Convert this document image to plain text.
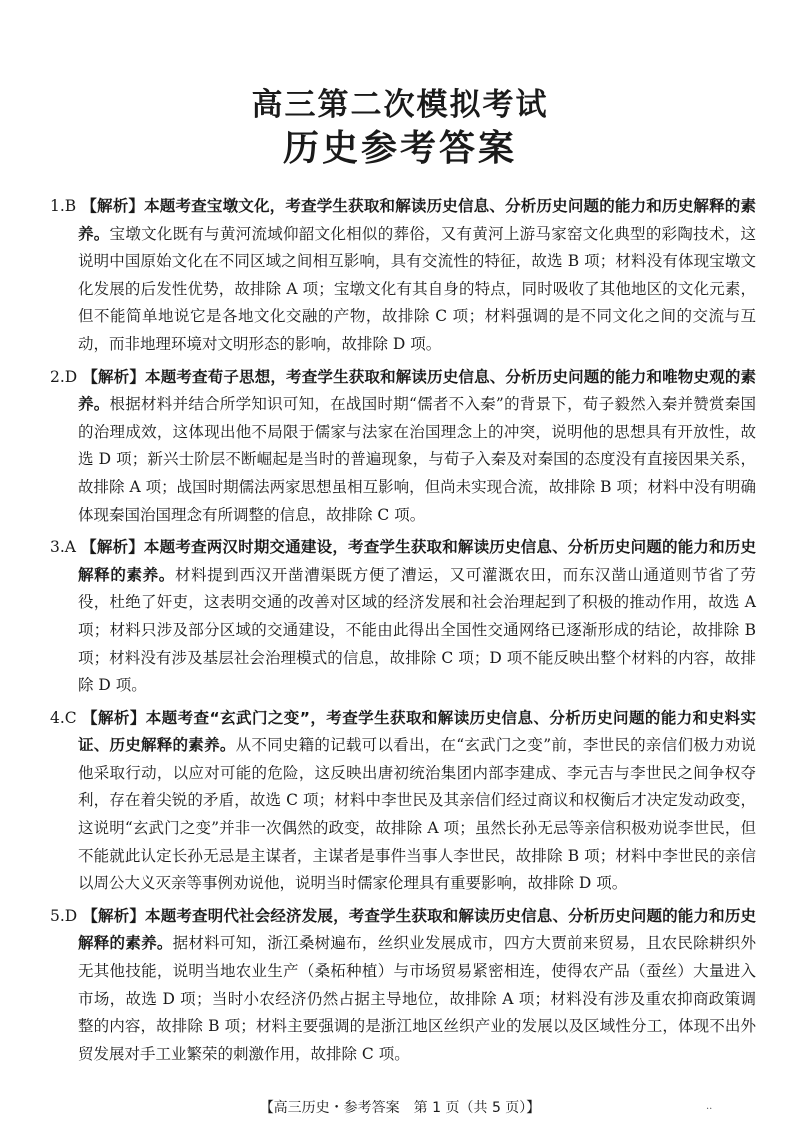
高三第二次模拟考试
历史参考答案

1.B 【解析】本题考查宝墩文化，考查学生获取和解读历史信息、分析历史问题的能力和历史解释的素养。宝墩文化既有与黄河流域仰韶文化相似的葬俗，又有黄河上游马家窑文化典型的彩陶技术，这说明中国原始文化在不同区域之间相互影响，具有交流性的特征，故选 B 项；材料没有体现宝墩文化发展的后发性优势，故排除 A 项；宝墩文化有其自身的特点，同时吸收了其他地区的文化元素，但不能简单地说它是各地文化交融的产物，故排除 C 项；材料强调的是不同文化之间的交流与互动，而非地理环境对文明形态的影响，故排除 D 项。

2.D 【解析】本题考查荀子思想，考查学生获取和解读历史信息、分析历史问题的能力和唯物史观的素养。根据材料并结合所学知识可知，在战国时期“儒者不入秦”的背景下，荀子毅然入秦并赞赏秦国的治理成效，这体现出他不局限于儒家与法家在治国理念上的冲突，说明他的思想具有开放性，故选 D 项；新兴士阶层不断崛起是当时的普遍现象，与荀子入秦及对秦国的态度没有直接因果关系，故排除 A 项；战国时期儒法两家思想虽相互影响，但尚未实现合流，故排除 B 项；材料中没有明确体现秦国治国理念有所调整的信息，故排除 C 项。

3.A 【解析】本题考查两汉时期交通建设，考查学生获取和解读历史信息、分析历史问题的能力和历史解释的素养。材料提到西汉开凿漕渠既方便了漕运，又可灌溉农田，而东汉凿山通道则节省了劳役，杜绝了奸吏，这表明交通的改善对区域的经济发展和社会治理起到了积极的推动作用，故选 A 项；材料只涉及部分区域的交通建设，不能由此得出全国性交通网络已逐渐形成的结论，故排除 B 项；材料没有涉及基层社会治理模式的信息，故排除 C 项；D 项不能反映出整个材料的内容，故排除 D 项。

4.C 【解析】本题考查“玄武门之变”，考查学生获取和解读历史信息、分析历史问题的能力和史料实证、历史解释的素养。从不同史籍的记载可以看出，在“玄武门之变”前，李世民的亲信们极力劝说他采取行动，以应对可能的危险，这反映出唐初统治集团内部李建成、李元吉与李世民之间争权夺利，存在着尖锐的矛盾，故选 C 项；材料中李世民及其亲信们经过商议和权衡后才决定发动政变，这说明“玄武门之变”并非一次偶然的政变，故排除 A 项；虽然长孙无忌等亲信积极劝说李世民，但不能就此认定长孙无忌是主谋者，主谋者是事件当事人李世民，故排除 B 项；材料中李世民的亲信以周公大义灭亲等事例劝说他，说明当时儒家伦理具有重要影响，故排除 D 项。

5.D 【解析】本题考查明代社会经济发展，考查学生获取和解读历史信息、分析历史问题的能力和历史解释的素养。据材料可知，浙江桑树遍布，丝织业发展成市，四方大贾前来贸易，且农民除耕织外无其他技能，说明当地农业生产（桑柘种植）与市场贸易紧密相连，使得农产品（蚕丝）大量进入市场，故选 D 项；当时小农经济仍然占据主导地位，故排除 A 项；材料没有涉及重农抑商政策调整的内容，故排除 B 项；材料主要强调的是浙江地区丝织产业的发展以及区域性分工，体现不出外贸发展对手工业繁荣的刺激作用，故排除 C 项。

【高三历史・参考答案　第 1 页（共 5 页）】	..
